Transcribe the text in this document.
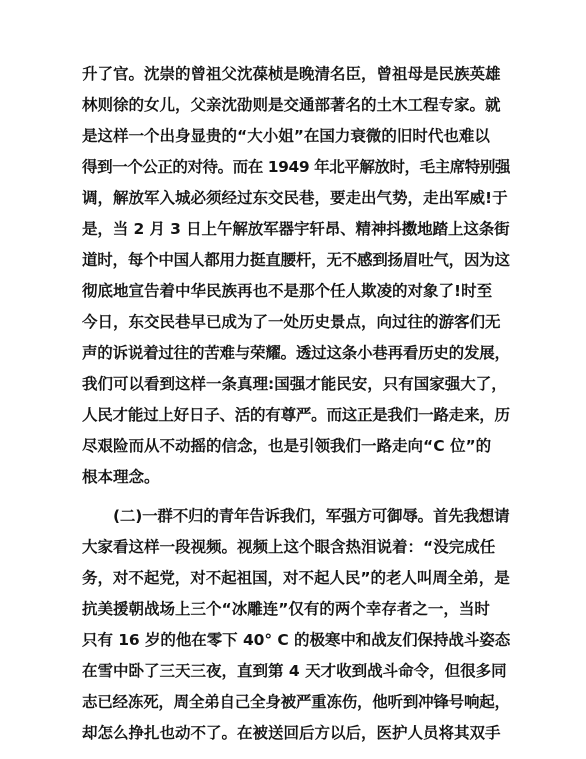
升了官。沈崇的曾祖父沈葆桢是晚清名臣，曾祖母是民族英雄
林则徐的女儿，父亲沈劭则是交通部著名的土木工程专家。就
是这样一个出身显贵的“大小姐”在国力衰微的旧时代也难以
得到一个公正的对待。而在 1949 年北平解放时，毛主席特别强
调，解放军入城必须经过东交民巷，要走出气势，走出军威!于
是，当 2 月 3 日上午解放军器宇轩昂、精神抖擞地踏上这条街
道时，每个中国人都用力挺直腰杆，无不感到扬眉吐气，因为这
彻底地宣告着中华民族再也不是那个任人欺凌的对象了!时至
今日，东交民巷早已成为了一处历史景点，向过往的游客们无
声的诉说着过往的苦难与荣耀。透过这条小巷再看历史的发展，
我们可以看到这样一条真理:国强才能民安，只有国家强大了，
人民才能过上好日子、活的有尊严。而这正是我们一路走来，历
尽艰险而从不动摇的信念，也是引领我们一路走向“C 位”的
根本理念。
(二)一群不归的青年告诉我们，军强方可御辱。首先我想请
大家看这样一段视频。视频上这个眼含热泪说着：“没完成任
务，对不起党，对不起祖国，对不起人民”的老人叫周全弟，是
抗美援朝战场上三个“冰雕连”仅有的两个幸存者之一，当时
只有 16 岁的他在零下 40° C 的极寒中和战友们保持战斗姿态
在雪中卧了三天三夜，直到第 4 天才收到战斗命令，但很多同
志已经冻死，周全弟自己全身被严重冻伤，他听到冲锋号响起，
却怎么挣扎也动不了。在被送回后方以后，医护人员将其双手
